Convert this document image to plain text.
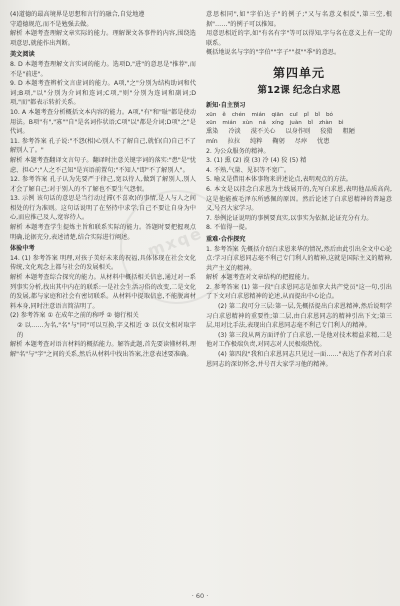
mxqe

(4)道德的最高境界是思想和言行的融合,自觉地遵

守道德规范,而不是勉强去做。

解析 本题考查理解文章实际的能力。理解课文各事件的内容,围绕选项意思,就能作出判断。

美文阅读

8. D 本题考查理解文言实词的能力。选项D,"进"的意思是"推荐",而不是"前进"。

9. D 本题考查辨析文言虚词的能力。A项,"之"分别为结构助词和代词;B项,"以"分别为介词和连词;C项,"则"分别为连词和副词;D项,"而"都表示转折关系。

10. A 本题考查分析概括文本内容的能力。A项,"有"和"耻"都是使动用法。B项"有","寡""自"是名词作状语;C项"以"都是介词;D项"之"是代词。

11. 参考答案 孔子说:"不怨(相)心别人不了解自己,就怕(自)自己不了解别人了。"

解析 本题考查翻译文言句子。翻译时注意关键字词的落实:"患"是"忧虑、担心";"人之不己知"是宾语前置句;"不知人"即"不了解别人"。

12. 参考答案 孔子认为先要严于律己,宽以待人,做到了解别人,别人才会了解自己;对于别人的不了解也不要生气怨恨。

13. 示例 该句话的意思是当行动过滞(不喜欢)的事情,是人与人之间相处的行为准则。这句话说明了在坚持中求学,自己不要让自身为中心,而应推己及人,宽容待人。

解析 本题考查学生提炼主旨和联系实际的能力。答题时要把握观点明确,论据充分,表述清楚,结合实际进行阐述。

体验中考

14. (1) 参考答案 明理,对孩子美好未来的祝福,具体体现在社会文化传统,文化观念上都与社会的发展相关。

解析 本题考查综合探究的能力。从材料中概括相关信息,通过对一系列事实分析,找出其中内在的联系:一是社会生活习俗的改变,二是文化的发展,都与家庭和社会有密切联系。从材料中提取信息,不能脱离材料本身,同时注意语言简洁明了。

(2) 参考答案 ① 在成年之前的称呼 ② 德行相关

② 以……为名,"名"与"同"可以互换,字义相近 ③ 以仅文相对取字的

解析 本题考查对语言材料的概括能力。解答此题,首先要读懂材料,理解"名"与"字"之间的关系,然后从材料中找出答案,注意表述要准确。

意思相同",如"字伯达子"的例子;"又与名意义相反",第三空,根据"……"的例子可以推知。

用意思相近的字,如"有名有字"等可以得知,字与名在意义上有一定的联系。

概括地说名与字的"字伯""字子""叔""季"的意思。

第四单元
第12课 纪念白求恩

新知·自主预习

xūn ě chén mián qiān cuī pǐ bǐ bó
xūn mián xùn ná xíng juàn bǐ zhàn bì
熏染 冷淡 漠不关心 以身作则 狡猾 粗陋
mín 拉拉 纯粹 鞠躬 尽瘁 忧患

2. 为公众服务的精神。

3. (1) 熏 (2) 漠 (3) 冷 (4) 狡 (5) 精

4. 不熟,气量、见识等不宽广。

5. 喻义是借用本体事物来讲述论点,表明观点的方法。

6. 本文是以挂念白求恩为主线展开的,先写白求恩,表明他品质高尚,这是他能被毛泽东所感佩的原因。然后论述了白求恩精神的普遍意义,号召大家学习。

7. 举例论证说明的事例要真实,以事实为依据,论证充分有力。

8. 不值得一提。

重难·合作探究

1. 参考答案 先概括介绍白求恩来华的情况,然后由此引出全文中心论点:学习白求恩同志毫不利己专门利人的精神,这就是国际主义的精神,共产主义的精神。

解析 本题考查对文章结构的把握能力。

2. 参考答案 (1) 第一段"白求恩同志是加拿大共产党员"这一句,引出了下文对白求恩精神的论述,从而提出中心论点。

(2) 第二段可分三层:第一层,先概括提出白求恩精神,然后说明学习白求恩精神的重要性;第二层,由白求恩同志的精神引出下文;第三层,用对比手法,表现出白求恩同志毫不利己专门利人的精神。

(3) 第三段从两方面评价了白求恩,一是他对技术精益求精,二是他对工作极端负责,对同志对人民极端热忱。

(4) 第四段"我和白求恩同志只见过一面……"表达了作者对白求恩同志的深切怀念,并号召大家学习他的精神。

· 60 ·
